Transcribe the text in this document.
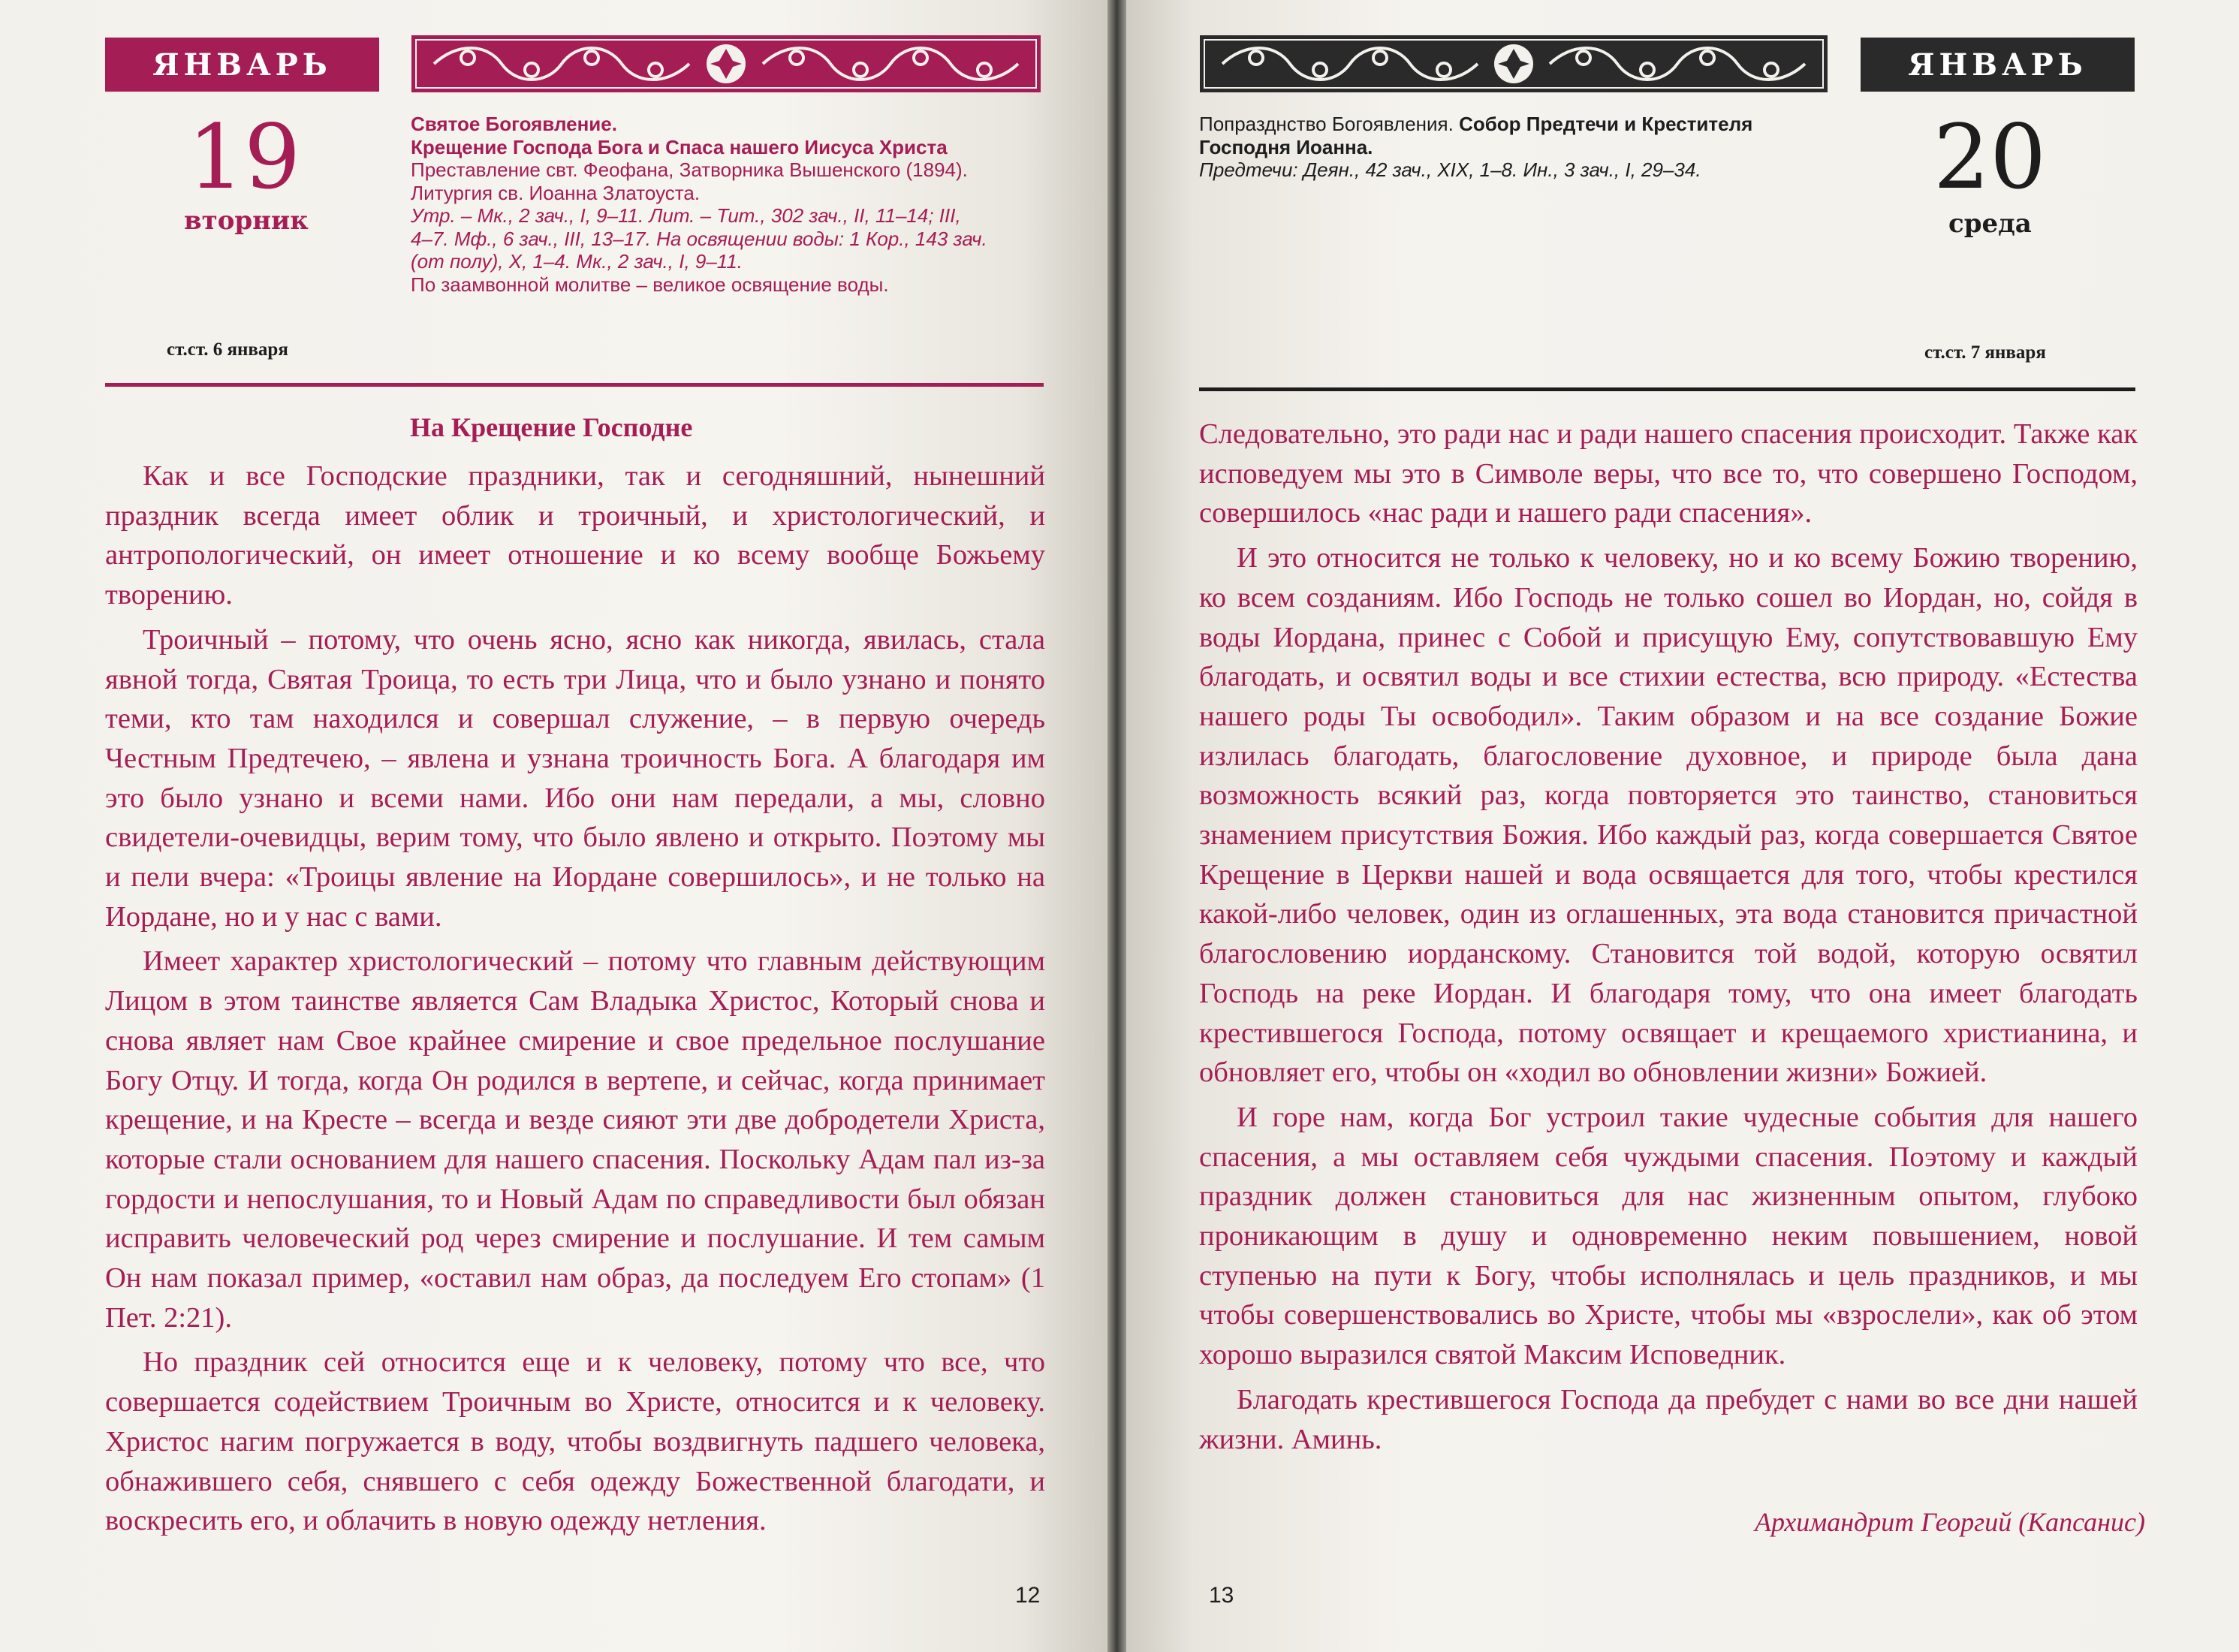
ЯНВАРЬ
19
вторник
Святое Богоявление.
Крещение Господа Бога и Спаса нашего Иисуса Христа
Преставление свт. Феофана, Затворника Вышенского (1894).
Литургия св. Иоанна Златоуста.
Утр. – Мк., 2 зач., I, 9–11. Лит. – Тит., 302 зач., II, 11–14; III,
4–7. Мф., 6 зач., III, 13–17. На освящении воды: 1 Кор., 143 зач.
(от полу), X, 1–4. Мк., 2 зач., I, 9–11.
По заамвонной молитве – великое освящение воды.
ст.ст. 6 января
На Крещение Господне

Как и все Господские праздники, так и сегодняшний, нынешний праздник всегда имеет облик и троичный, и христологический, и антропологический, он имеет отношение и ко всему вообще Божьему творению.

Троичный – потому, что очень ясно, ясно как никогда, явилась, стала явной тогда, Святая Троица, то есть три Лица, что и было узнано и понято теми, кто там находился и совершал служение, – в первую очередь Честным Предтечею, – явлена и узнана троичность Бога. А благодаря им это было узнано и всеми нами. Ибо они нам передали, а мы, словно свидетели-очевидцы, верим тому, что было явлено и открыто. Поэтому мы и пели вчера: «Троицы явление на Иордане совершилось», и не только на Иордане, но и у нас с вами.

Имеет характер христологический – потому что главным действующим Лицом в этом таинстве является Сам Владыка Христос, Который снова и снова являет нам Свое крайнее смирение и свое предельное послушание Богу Отцу. И тогда, когда Он родился в вертепе, и сейчас, когда принимает крещение, и на Кресте – всегда и везде сияют эти две добродетели Христа, которые стали основанием для нашего спасения. Поскольку Адам пал из-за гордости и непослушания, то и Новый Адам по справедливости был обязан исправить человеческий род через смирение и послушание. И тем самым Он нам показал пример, «оставил нам образ, да последуем Его стопам» (1 Пет. 2:21).

Но праздник сей относится еще и к человеку, потому что все, что совершается содействием Троичным во Христе, относится и к человеку. Христос нагим погружается в воду, чтобы воздвигнуть падшего человека, обнажившего себя, снявшего с себя одежду Божественной благодати, и воскресить его, и облачить в новую одежду нетления.

12
ЯНВАРЬ
Попразднство Богоявления. Собор Предтечи и Крестителя
Господня Иоанна.
Предтечи: Деян., 42 зач., XIX, 1–8. Ин., 3 зач., I, 29–34.	20
среда
ст.ст. 7 января

Следовательно, это ради нас и ради нашего спасения происходит. Также как исповедуем мы это в Символе веры, что все то, что совершено Господом, совершилось «нас ради и нашего ради спасения».

И это относится не только к человеку, но и ко всему Божию творению, ко всем созданиям. Ибо Господь не только сошел во Иордан, но, сойдя в воды Иордана, принес с Собой и присущую Ему, сопутствовавшую Ему благодать, и освятил воды и все стихии естества, всю природу. «Естества нашего роды Ты освободил». Таким образом и на все создание Божие излилась благодать, благословение духовное, и природе была дана возможность всякий раз, когда повторяется это таинство, становиться знамением присутствия Божия. Ибо каждый раз, когда совершается Святое Крещение в Церкви нашей и вода освящается для того, чтобы крестился какой-либо человек, один из оглашенных, эта вода становится причастной благословению иорданскому. Становится той водой, которую освятил Господь на реке Иордан. И благодаря тому, что она имеет благодать крестившегося Господа, потому освящает и крещаемого христианина, и обновляет его, чтобы он «ходил во обновлении жизни» Божией.

И горе нам, когда Бог устроил такие чудесные события для нашего спасения, а мы оставляем себя чуждыми спасения. Поэтому и каждый праздник должен становиться для нас жизненным опытом, глубоко проникающим в душу и одновременно неким повышением, новой ступенью на пути к Богу, чтобы исполнялась и цель праздников, и мы чтобы совершенствовались во Христе, чтобы мы «взрослели», как об этом хорошо выразился святой Максим Исповедник.

Благодать крестившегося Господа да пребудет с нами во все дни нашей жизни. Аминь.

Архимандрит Георгий (Капсанис)
13
